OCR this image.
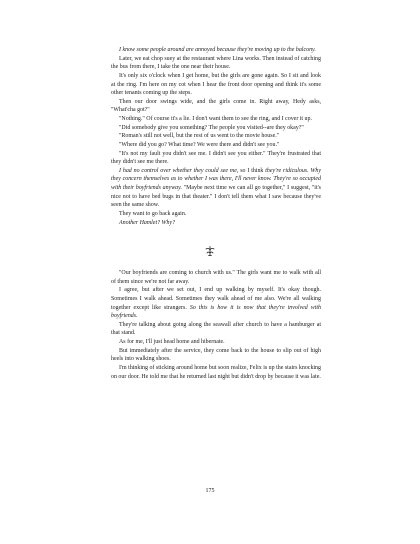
I know some people around are annoyed because they're moving up to the balcony.

Later, we eat chop suey at the restaurant where Lina works. Then instead of catching the bus from there, I take the one near their house.

It's only six o'clock when I get home, but the girls are gone again. So I sit and look at the ring. I'm here on my cot when I hear the front door opening and think it's some other tenants coming up the steps.

Then our door swings wide, and the girls come in. Right away, Hedy asks, "What'cha got?"

"Nothing." Of course it's a lie. I don't want them to see the ring, and I cover it up.

"Did somebody give you something? The people you visited--are they okay?"

"Roman's still not well, but the rest of us went to the movie house."

"Where did you go? What time? We were there and didn't see you."

"It's not my fault you didn't see me. I didn't see you either." They're frustrated that they didn't see me there.

I had no control over whether they could see me, so I think they're ridiculous. Why they concern themselves as to whether I was there, I'll never know. They're so occupied with their boyfriends anyway. "Maybe next time we can all go together," I suggest, "it's nice not to have bed bugs in that theater." I don't tell them what I saw because they've seen the same show.

They want to go back again.

Another Hamlet? Why?

"Our boyfriends are coming to church with us." The girls want me to walk with all of them since we're not far away.

I agree, but after we set out, I end up walking by myself. It's okay though. Sometimes I walk ahead. Sometimes they walk ahead of me also. We're all walking together except like strangers. So this is how it is now that they're involved with boyfriends.

They're talking about going along the seawall after church to have a hamburger at that stand.

As for me, I'll just head home and hibernate.

But immediately after the service, they come back to the house to slip out of high heels into walking shoes.

I'm thinking of sticking around home but soon realize, Felix is up the stairs knocking on our door. He told me that he returned last night but didn't drop by because it was late.

175
